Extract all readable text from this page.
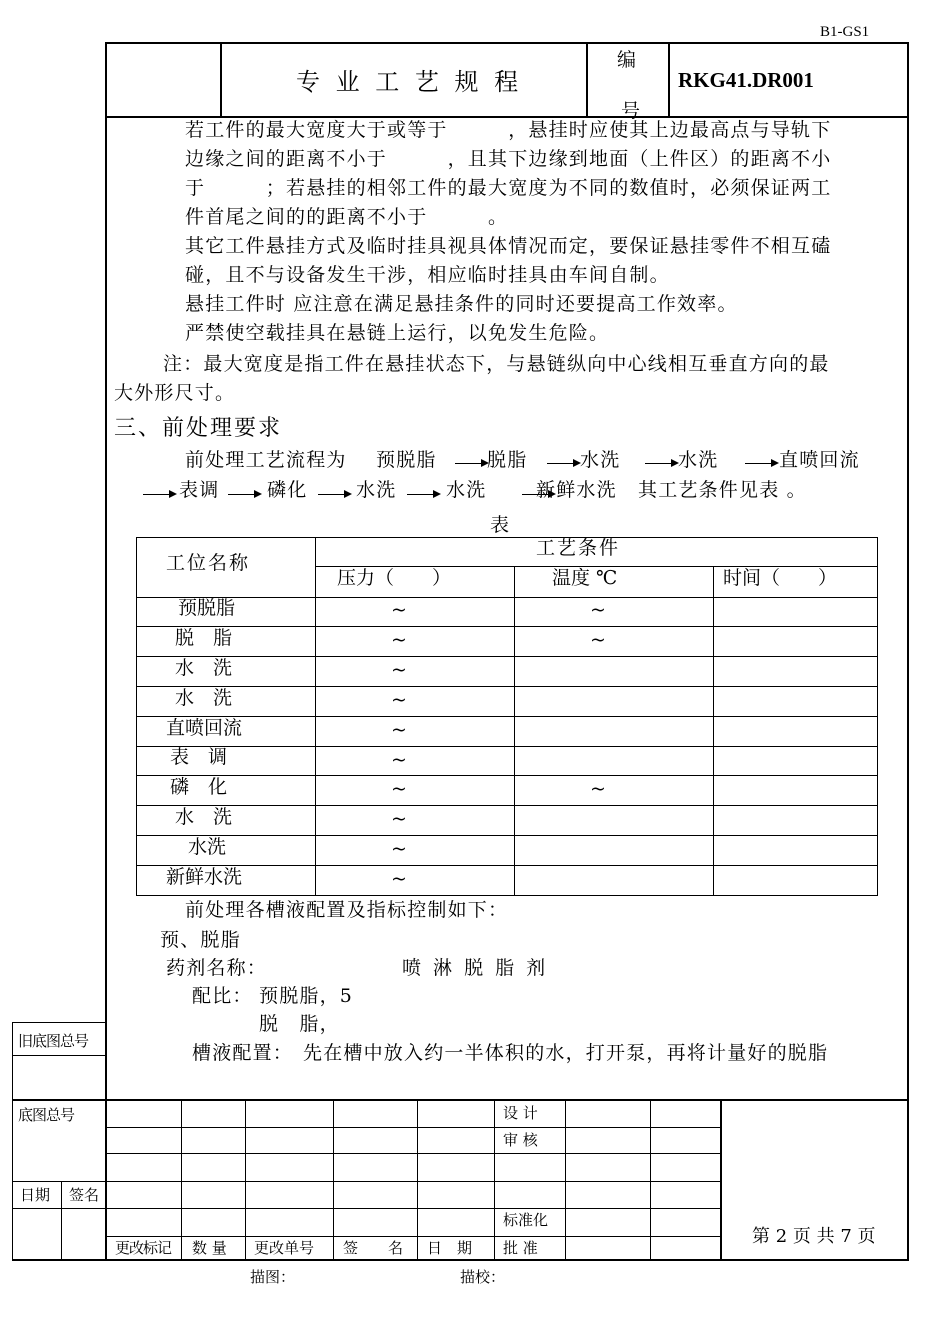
B1-GS1
专 业 工 艺 规 程
编
号
RKG41.DR001
若工件的最大宽度大于或等于　　　，悬挂时应使其上边最高点与导轨下
边缘之间的距离不小于　　　，且其下边缘到地面（上件区）的距离不小
于　　　；若悬挂的相邻工件的最大宽度为不同的数值时，必须保证两工
件首尾之间的的距离不小于　　　。
其它工件悬挂方式及临时挂具视具体情况而定，要保证悬挂零件不相互磕
碰，且不与设备发生干涉，相应临时挂具由车间自制。
悬挂工件时 应注意在满足悬挂条件的同时还要提高工作效率。
严禁使空载挂具在悬链上运行，以免发生危险。
注：最大宽度是指工件在悬挂状态下，与悬链纵向中心线相互垂直方向的最
大外形尺寸。
三、前处理要求
前处理工艺流程为 预脱脂	脱脂	水洗	水洗	直喷回流
表调	磷化	水洗	水洗	新鲜水洗 其工艺条件见表 。
表
工位名称
工艺条件
压力（　　）	温度 ℃	时间（　　）
预脱脂	~	~
脱　脂	~	~
水　洗	~
水　洗	~
直喷回流	~
表　调	~
磷　化	~	~
水　洗	~
水洗	~
新鲜水洗	~
前处理各槽液配置及指标控制如下：
预、脱脂
药剂名称：	喷 淋 脱 脂 剂
配比： 预脱脂，5
脱　脂，
槽液配置： 先在槽中放入约一半体积的水，打开泵，再将计量好的脱脂
旧底图总号
底图总号
日期 签名
更改标记 数 量 更改单号 签　　名 日　期
设 计
审 核
标准化
批 准
第 2 页 共 7 页
描图：	描校：
